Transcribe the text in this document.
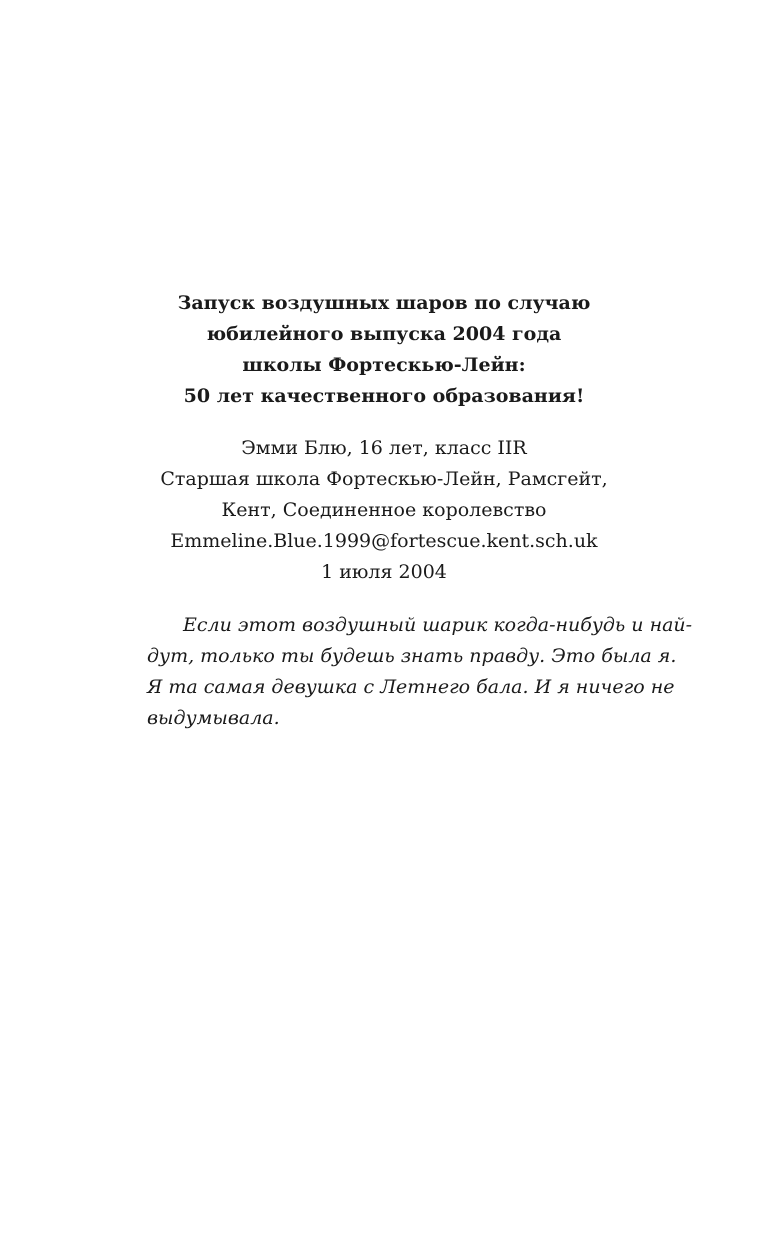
Запуск воздушных шаров по случаю
юбилейного выпуска 2004 года
школы Фортескью-Лейн:
50 лет качественного образования!
Эмми Блю, 16 лет, класс IIR
Старшая школа Фортескью-Лейн, Рамсгейт,
Кент, Соединенное королевство
Emmeline.Blue.1999@fortescue.kent.sch.uk
1 июля 2004
Если этот воздушный шарик когда-нибудь и най-
дут, только ты будешь знать правду. Это была я.
Я та самая девушка с Летнего бала. И я ничего не
выдумывала.
